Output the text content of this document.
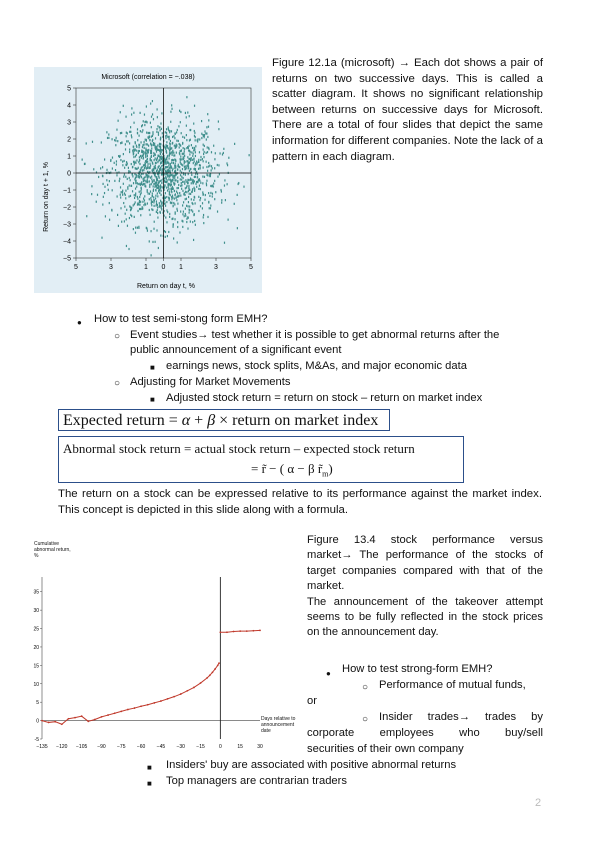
Microsoft (correlation = −.038)
Return on day t, %
Return on day t + 1, %
5	3	1 0 1	3	5
5
4
3
2
1
0
−1
−2
−3
−4
−5
Figure 12.1a (microsoft) → Each dot shows a pair of returns on two successive days. This is called a scatter diagram. It shows no significant relationship between returns on successive days for Microsoft. There are a total of four slides that depict the same information for different companies. Note the lack of a pattern in each diagram.
● How to test semi-stong form EMH?
○ Event studies→ test whether it is possible to get abnormal returns after the
public announcement of a significant event
■ earnings news, stock splits, M&As, and major economic data
○ Adjusting for Market Movements
■ Adjusted stock return = return on stock – return on market index
Expected return = α + β × return on market index
Abnormal stock return = actual stock return – expected stock return
= r̃ − ( α − β $r̃_m$)
The return on a stock can be expressed relative to its performance against the market index. This concept is depicted in this slide along with a formula.
Cumulative abnormal return, %
Days relative to announcement date
-5
0
5
10
15
20
25
30
35
−135 −120 −105 −90 −75 −60 −45 −30 −15	0	15	30
Figure 13.4 stock performance versus market→ The performance of the stocks of target companies compared with that of the market.
The announcement of the takeover attempt seems to be fully reflected in the stock prices on the announcement day.
● How to test strong-form EMH?
○ Performance of mutual funds,
or
○ Insider trades→ trades by
corporate employees who buy/sell
securities of their own company
■ Insiders' buy are associated with positive abnormal returns
■ Top managers are contrarian traders
2
